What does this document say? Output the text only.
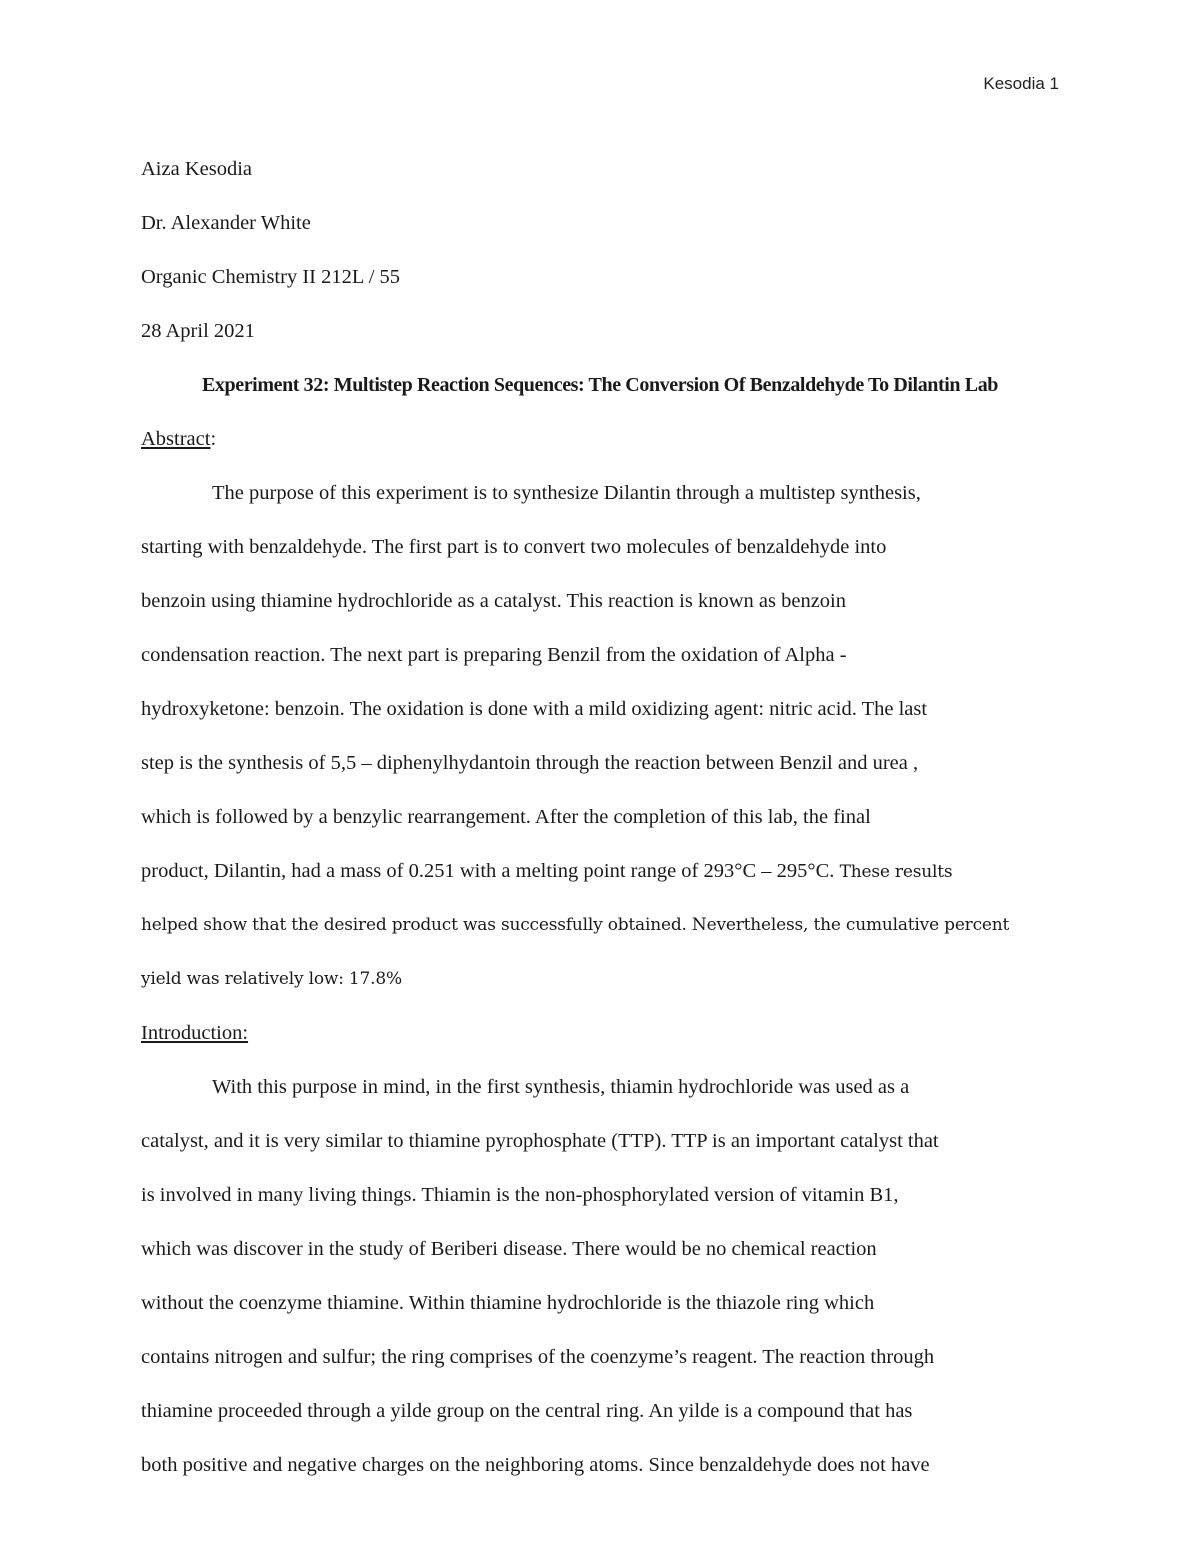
Kesodia 1
Aiza Kesodia
Dr. Alexander White
Organic Chemistry II 212L / 55
28 April 2021
Experiment 32: Multistep Reaction Sequences: The Conversion Of Benzaldehyde To Dilantin Lab
Abstract:
The purpose of this experiment is to synthesize Dilantin through a multistep synthesis,
starting with benzaldehyde. The first part is to convert two molecules of benzaldehyde into
benzoin using thiamine hydrochloride as a catalyst. This reaction is known as benzoin
condensation reaction. The next part is preparing Benzil from the oxidation of Alpha -
hydroxyketone: benzoin. The oxidation is done with a mild oxidizing agent: nitric acid. The last
step is the synthesis of 5,5 – diphenylhydantoin through the reaction between Benzil and urea ,
which is followed by a benzylic rearrangement. After the completion of this lab, the final
product, Dilantin, had a mass of 0.251 with a melting point range of 293°C – 295°C. These results
helped show that the desired product was successfully obtained. Nevertheless, the cumulative percent
yield was relatively low: 17.8%
Introduction:
With this purpose in mind, in the first synthesis, thiamin hydrochloride was used as a
catalyst, and it is very similar to thiamine pyrophosphate (TTP). TTP is an important catalyst that
is involved in many living things. Thiamin is the non-phosphorylated version of vitamin B1,
which was discover in the study of Beriberi disease. There would be no chemical reaction
without the coenzyme thiamine. Within thiamine hydrochloride is the thiazole ring which
contains nitrogen and sulfur; the ring comprises of the coenzyme’s reagent. The reaction through
thiamine proceeded through a yilde group on the central ring. An yilde is a compound that has
both positive and negative charges on the neighboring atoms. Since benzaldehyde does not have
